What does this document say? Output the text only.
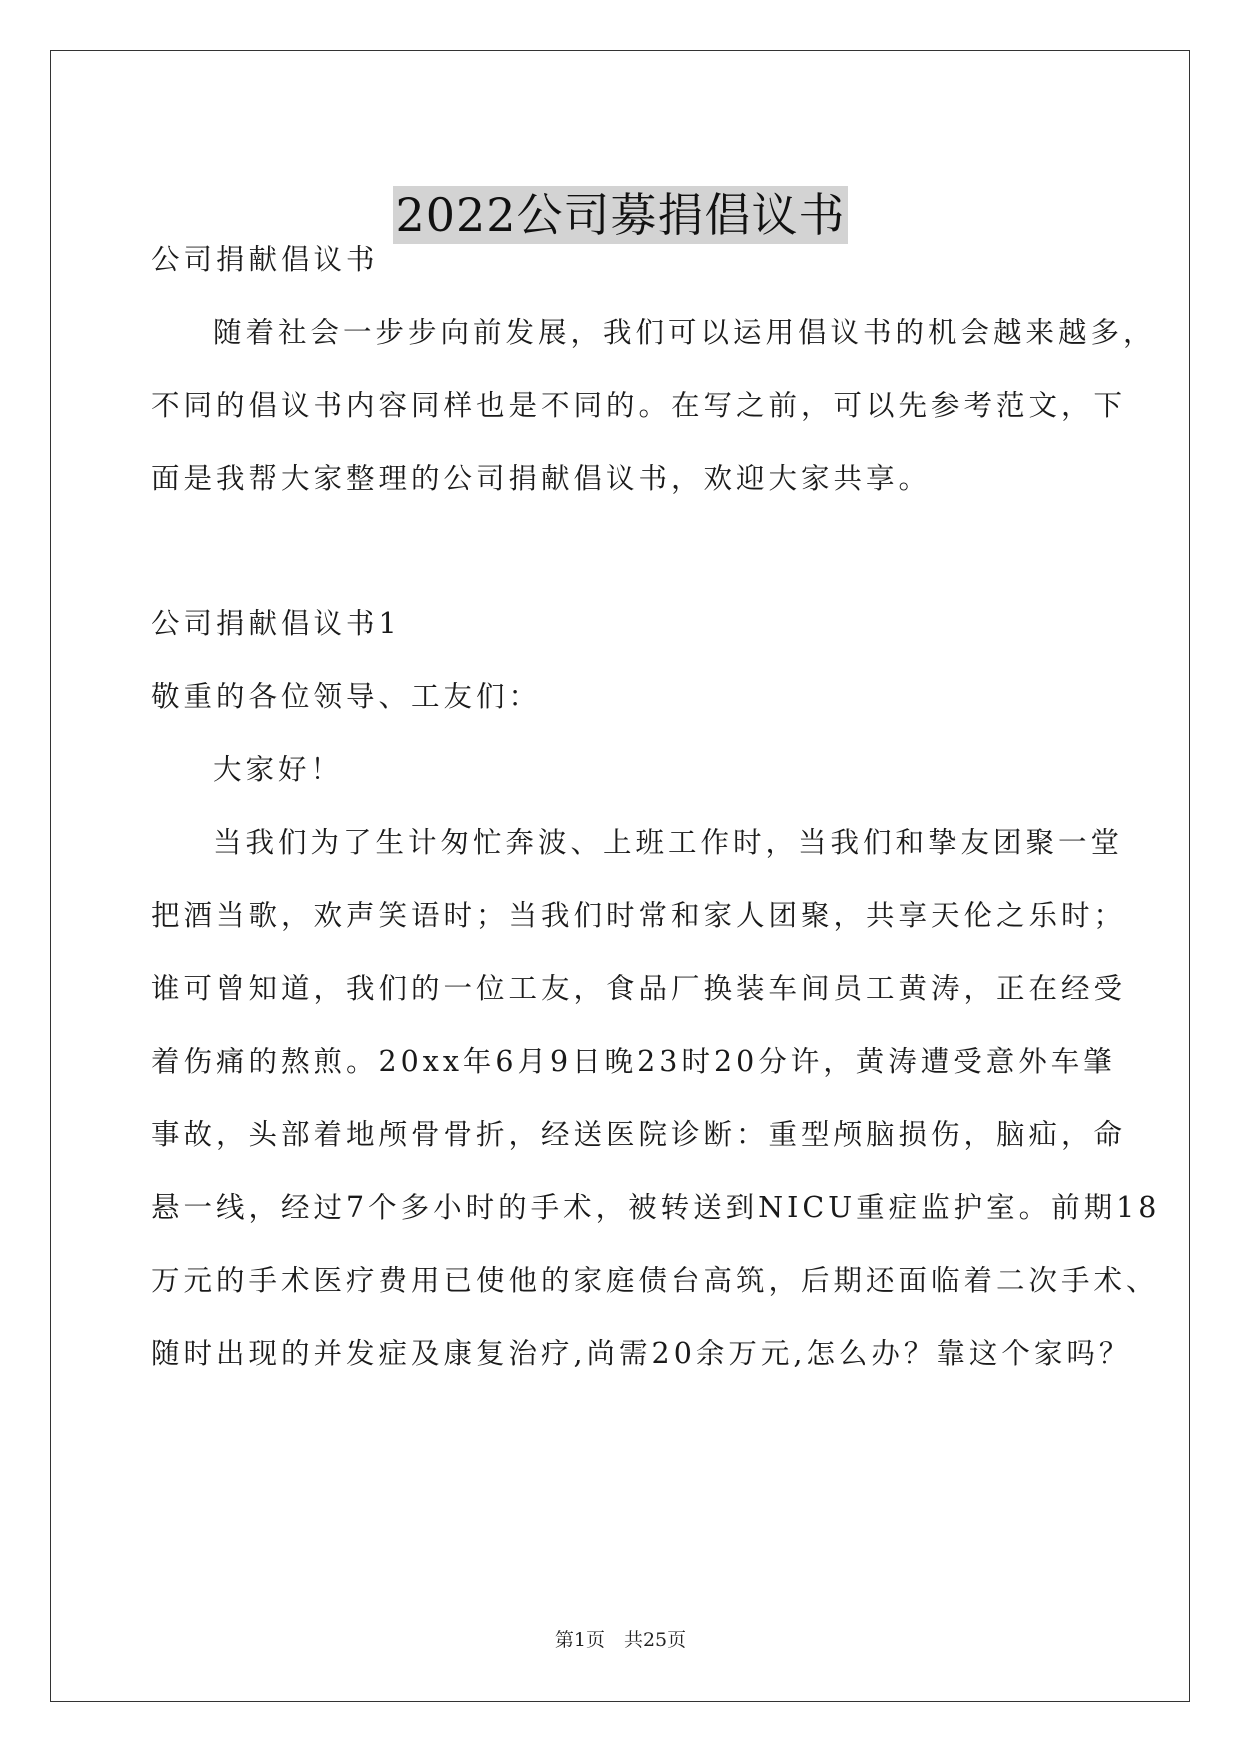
2022公司募捐倡议书
公司捐献倡议书
随着社会一步步向前发展，我们可以运用倡议书的机会越来越多，
不同的倡议书内容同样也是不同的。在写之前，可以先参考范文，下
面是我帮大家整理的公司捐献倡议书，欢迎大家共享。
公司捐献倡议书1
敬重的各位领导、工友们：
大家好！
当我们为了生计匆忙奔波、上班工作时，当我们和挚友团聚一堂
把酒当歌，欢声笑语时；当我们时常和家人团聚，共享天伦之乐时；
谁可曾知道，我们的一位工友，食品厂换装车间员工黄涛，正在经受
着伤痛的熬煎。20xx年6月9日晚23时20分许，黄涛遭受意外车肇
事故，头部着地颅骨骨折，经送医院诊断：重型颅脑损伤，脑疝，命
悬一线，经过7个多小时的手术，被转送到NICU重症监护室。前期18
万元的手术医疗费用已使他的家庭债台高筑，后期还面临着二次手术、
随时出现的并发症及康复治疗,尚需20余万元,怎么办？靠这个家吗？
第1页　共25页
